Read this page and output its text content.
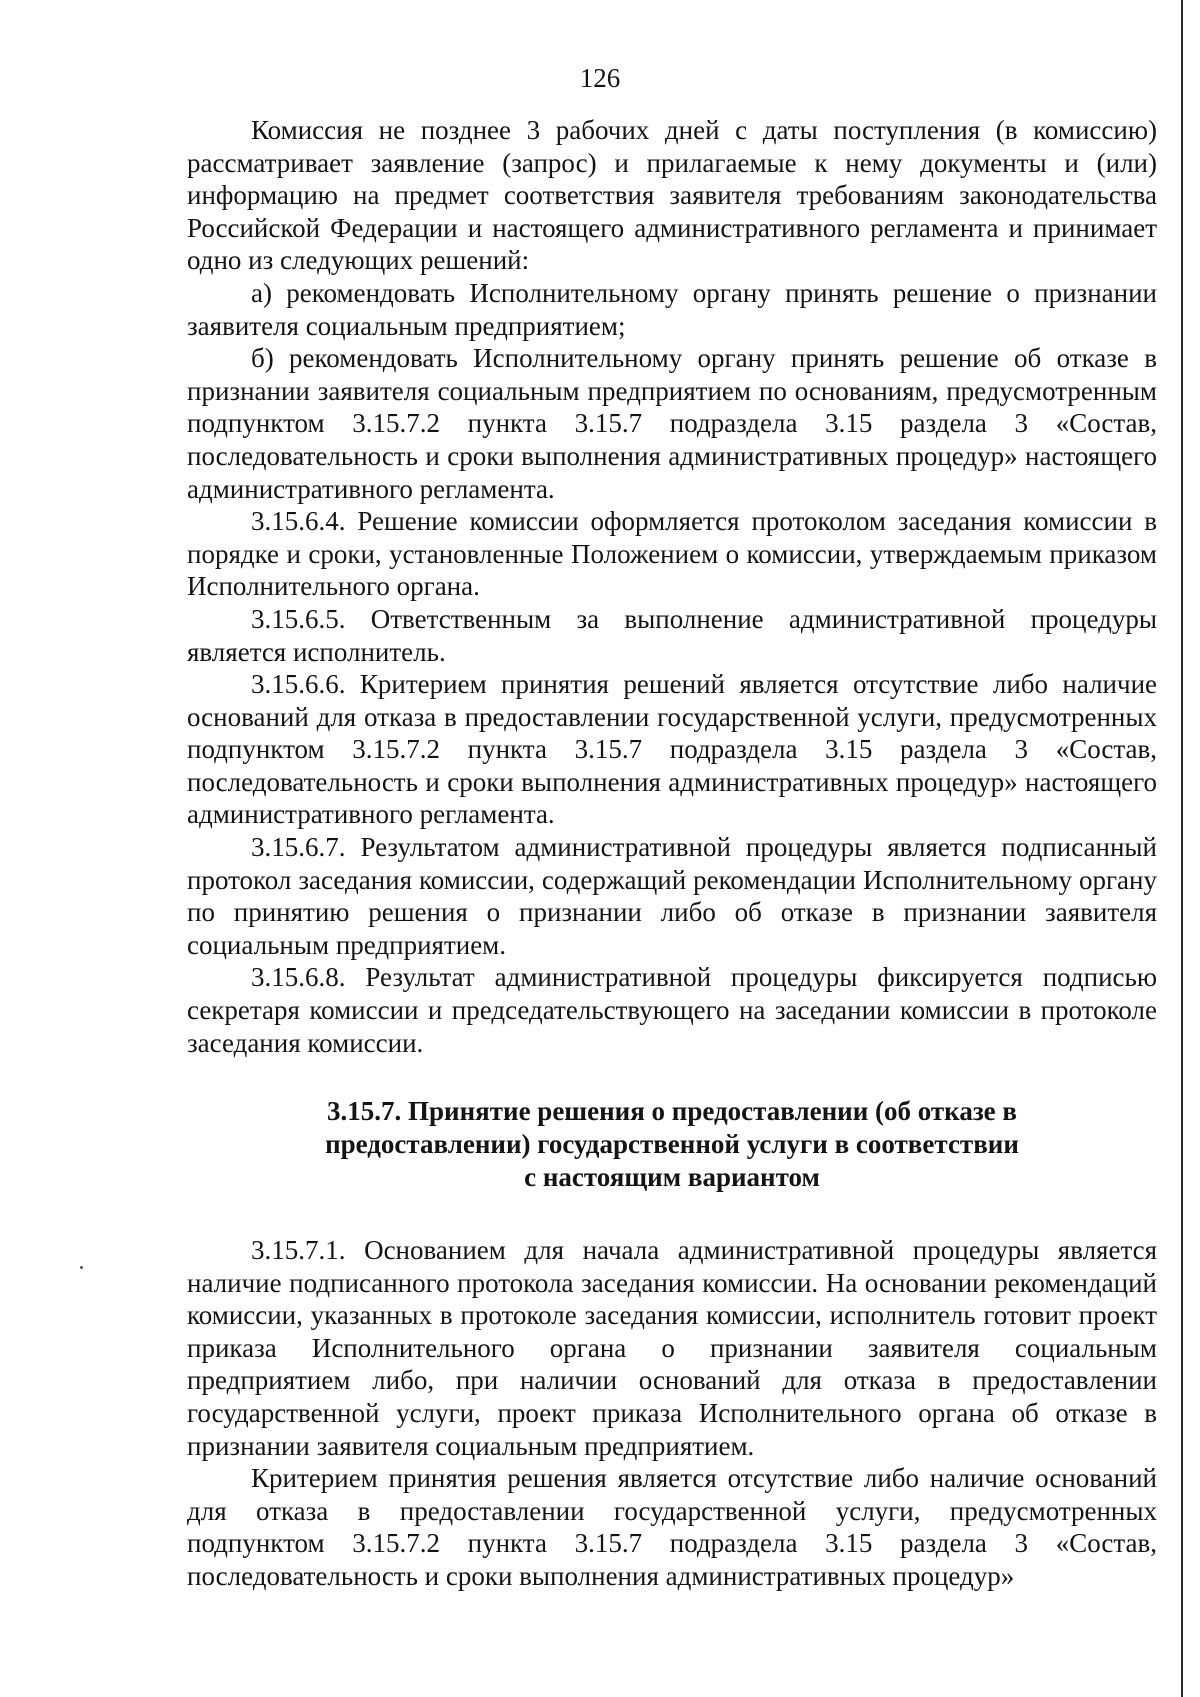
126

Комиссия не позднее 3 рабочих дней с даты поступления (в комиссию) рассматривает заявление (запрос) и прилагаемые к нему документы и (или) информацию на предмет соответствия заявителя требованиям законодательства Российской Федерации и настоящего административного регламента и принимает одно из следующих решений:

а) рекомендовать Исполнительному органу принять решение о признании заявителя социальным предприятием;

б) рекомендовать Исполнительному органу принять решение об отказе в признании заявителя социальным предприятием по основаниям, предусмотренным подпунктом 3.15.7.2 пункта 3.15.7 подраздела 3.15 раздела 3 «Состав, последовательность и сроки выполнения административных процедур» настоящего административного регламента.

3.15.6.4. Решение комиссии оформляется протоколом заседания комиссии в порядке и сроки, установленные Положением о комиссии, утверждаемым приказом Исполнительного органа.

3.15.6.5. Ответственным за выполнение административной процедуры является исполнитель.

3.15.6.6. Критерием принятия решений является отсутствие либо наличие оснований для отказа в предоставлении государственной услуги, предусмотренных подпунктом 3.15.7.2 пункта 3.15.7 подраздела 3.15 раздела 3 «Состав, последовательность и сроки выполнения административных процедур» настоящего административного регламента.

3.15.6.7. Результатом административной процедуры является подписанный протокол заседания комиссии, содержащий рекомендации Исполнительному органу по принятию решения о признании либо об отказе в признании заявителя социальным предприятием.

3.15.6.8. Результат административной процедуры фиксируется подписью секретаря комиссии и председательствующего на заседании комиссии в протоколе заседания комиссии.

3.15.7. Принятие решения о предоставлении (об отказе в
предоставлении) государственной услуги в соответствии
с настоящим вариантом

3.15.7.1. Основанием для начала административной процедуры является наличие подписанного протокола заседания комиссии. На основании рекомендаций комиссии, указанных в протоколе заседания комиссии, исполнитель готовит проект приказа Исполнительного органа о признании заявителя социальным предприятием либо, при наличии оснований для отказа в предоставлении государственной услуги, проект приказа Исполнительного органа об отказе в признании заявителя социальным предприятием.

Критерием принятия решения является отсутствие либо наличие оснований для отказа в предоставлении государственной услуги, предусмотренных подпунктом 3.15.7.2 пункта 3.15.7 подраздела 3.15 раздела 3 «Состав, последовательность и сроки выполнения административных процедур»
